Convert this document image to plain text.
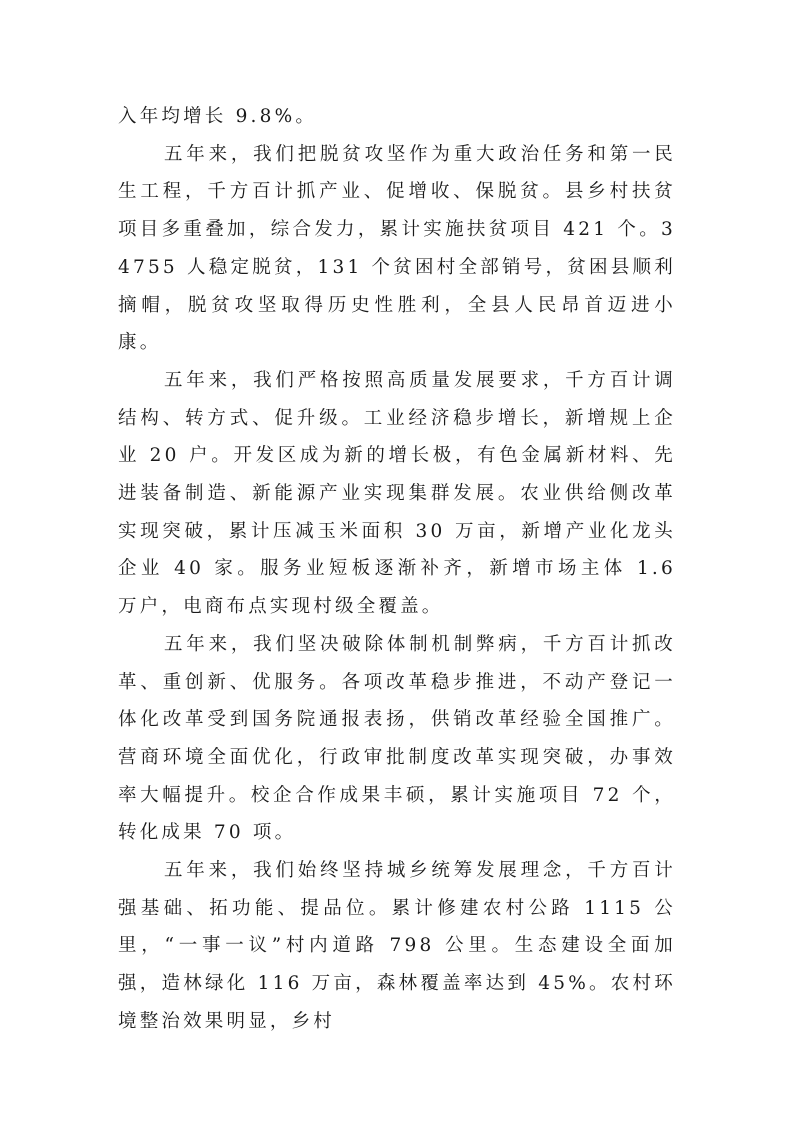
入年均增长 9.8%。

五年来，我们把脱贫攻坚作为重大政治任务和第一民生工程，千方百计抓产业、促增收、保脱贫。县乡村扶贫项目多重叠加，综合发力，累计实施扶贫项目 421 个。34755 人稳定脱贫，131 个贫困村全部销号，贫困县顺利摘帽，脱贫攻坚取得历史性胜利，全县人民昂首迈进小康。

五年来，我们严格按照高质量发展要求，千方百计调结构、转方式、促升级。工业经济稳步增长，新增规上企业 20 户。开发区成为新的增长极，有色金属新材料、先进装备制造、新能源产业实现集群发展。农业供给侧改革实现突破，累计压减玉米面积 30 万亩，新增产业化龙头企业 40 家。服务业短板逐渐补齐，新增市场主体 1.6 万户，电商布点实现村级全覆盖。

五年来，我们坚决破除体制机制弊病，千方百计抓改革、重创新、优服务。各项改革稳步推进，不动产登记一体化改革受到国务院通报表扬，供销改革经验全国推广。营商环境全面优化，行政审批制度改革实现突破，办事效率大幅提升。校企合作成果丰硕，累计实施项目 72 个，转化成果 70 项。

五年来，我们始终坚持城乡统筹发展理念，千方百计强基础、拓功能、提品位。累计修建农村公路 1115 公里，“一事一议”村内道路 798 公里。生态建设全面加强，造林绿化 116 万亩，森林覆盖率达到 45%。农村环境整治效果明显，乡村
